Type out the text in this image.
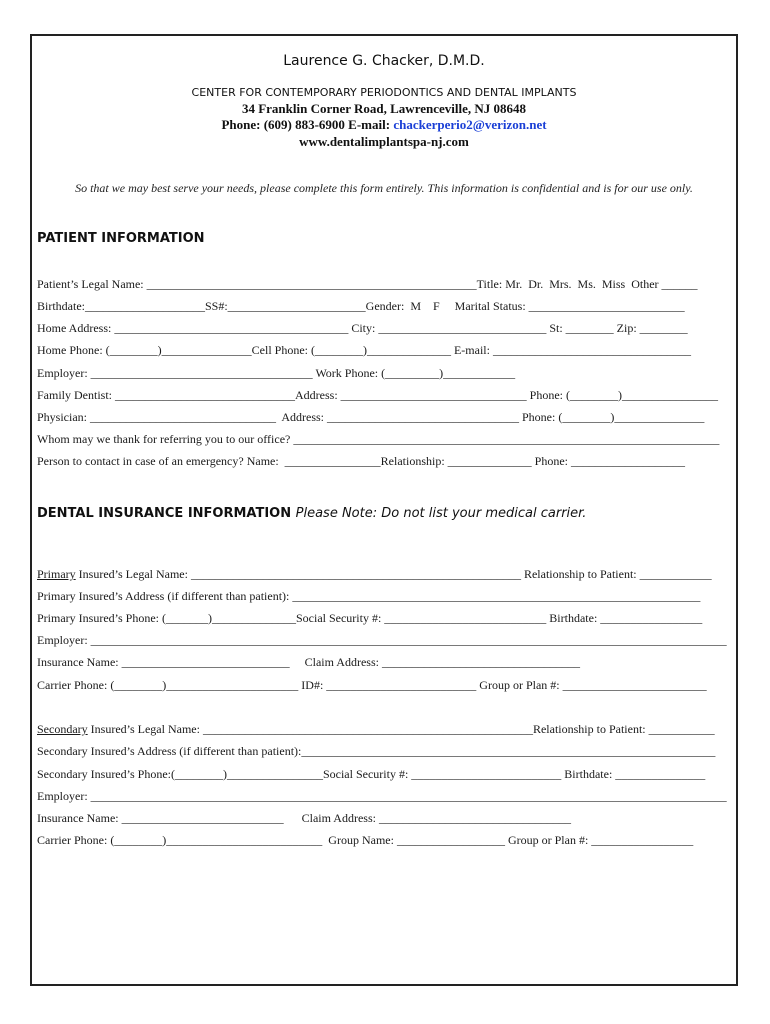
Laurence G. Chacker, D.M.D.
CENTER FOR CONTEMPORARY PERIODONTICS AND DENTAL IMPLANTS
34 Franklin Corner Road, Lawrenceville, NJ 08648
Phone: (609) 883-6900 E-mail: chackerperio2@verizon.net
www.dentalimplantspa-nj.com
So that we may best serve your needs, please complete this form entirely. This information is confidential and is for our use only.
PATIENT INFORMATION
Patient’s Legal Name: _______________________________________________________Title: Mr.  Dr.  Mrs.  Ms.  Miss  Other ______
Birthdate:____________________SS#:_______________________Gender:  M    F     Marital Status: __________________________
Home Address: _______________________________________ City: ____________________________ St: ________ Zip: ________
Home Phone: (________)_______________Cell Phone: (________)______________ E-mail: _________________________________
Employer: _____________________________________ Work Phone: (_________)____________
Family Dentist: ______________________________Address: _______________________________ Phone: (________)________________
Physician: _______________________________  Address: ________________________________ Phone: (________)_______________
Whom may we thank for referring you to our office? _______________________________________________________________________
Person to contact in case of an emergency? Name:  ________________Relationship: ______________ Phone: ___________________
DENTAL INSURANCE INFORMATION Please Note: Do not list your medical carrier.
Primary Insured’s Legal Name: _______________________________________________________ Relationship to Patient: ____________
Primary Insured’s Address (if different than patient): ____________________________________________________________________
Primary Insured’s Phone: (_______)______________Social Security #: ___________________________ Birthdate: _________________
Employer: __________________________________________________________________________________________________________
Insurance Name: ____________________________     Claim Address: _________________________________
Carrier Phone: (________)______________________ ID#: _________________________ Group or Plan #: ________________________
Secondary Insured’s Legal Name: _______________________________________________________Relationship to Patient: ___________
Secondary Insured’s Address (if different than patient):_____________________________________________________________________
Secondary Insured’s Phone:(________)________________Social Security #: _________________________ Birthdate: _______________
Employer: __________________________________________________________________________________________________________
Insurance Name: ___________________________      Claim Address: ________________________________
Carrier Phone: (________)__________________________  Group Name: __________________ Group or Plan #: _________________
